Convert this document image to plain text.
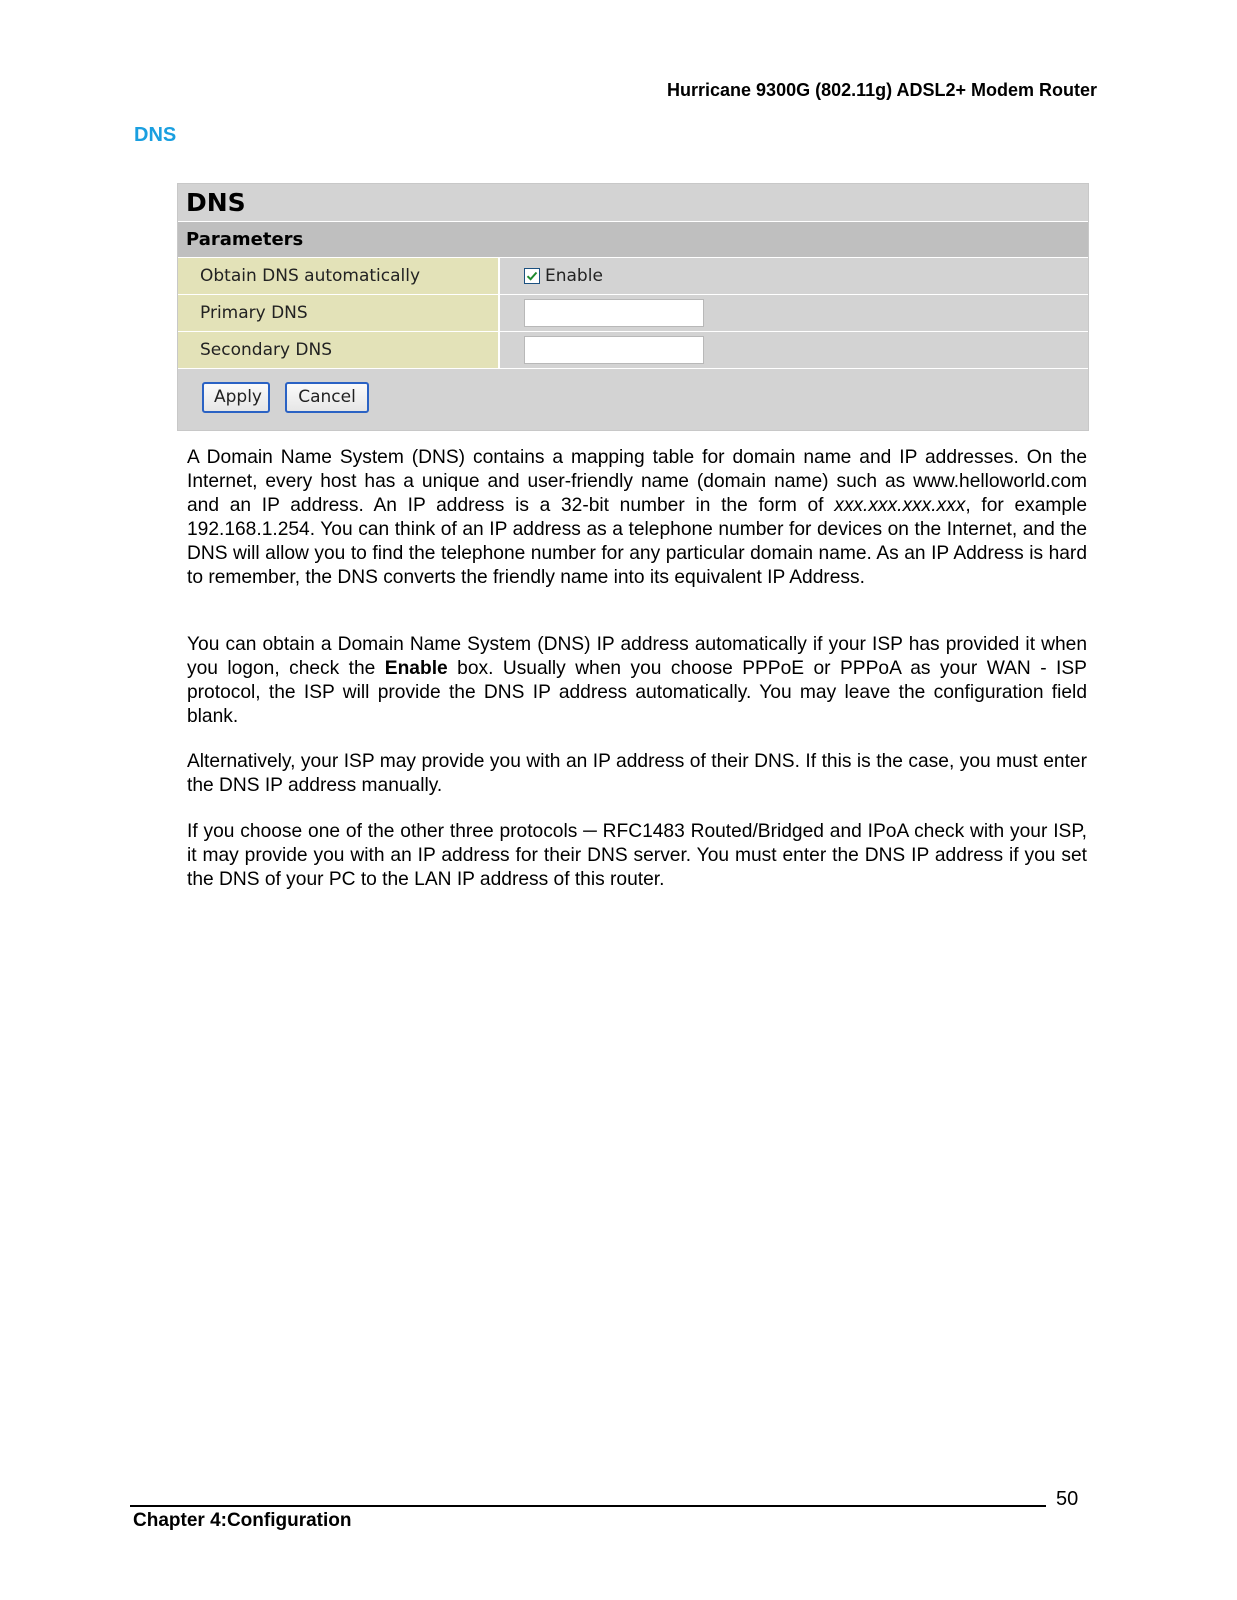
Hurricane 9300G (802.11g) ADSL2+ Modem Router
DNS
DNS
Parameters
Obtain DNS automatically	Enable
Primary DNS
Secondary DNS
Apply	Cancel
A Domain Name System (DNS) contains a mapping table for domain name and IP addresses. On the Internet, every host has a unique and user-friendly name (domain name) such as www.helloworld.com and an IP address. An IP address is a 32-bit number in the form of xxx.xxx.xxx.xxx, for example 192.168.1.254. You can think of an IP address as a telephone number for devices on the Internet, and the DNS will allow you to find the telephone number for any particular domain name. As an IP Address is hard to remember, the DNS converts the friendly name into its equivalent IP Address.
You can obtain a Domain Name System (DNS) IP address automatically if your ISP has provided it when you logon, check the Enable box. Usually when you choose PPPoE or PPPoA as your WAN - ISP protocol, the ISP will provide the DNS IP address automatically. You may leave the configuration field blank.
Alternatively, your ISP may provide you with an IP address of their DNS. If this is the case, you must enter the DNS IP address manually.
If you choose one of the other three protocols ─ RFC1483 Routed/Bridged and IPoA check with your ISP, it may provide you with an IP address for their DNS server. You must enter the DNS IP address if you set the DNS of your PC to the LAN IP address of this router.
50
Chapter 4:Configuration
